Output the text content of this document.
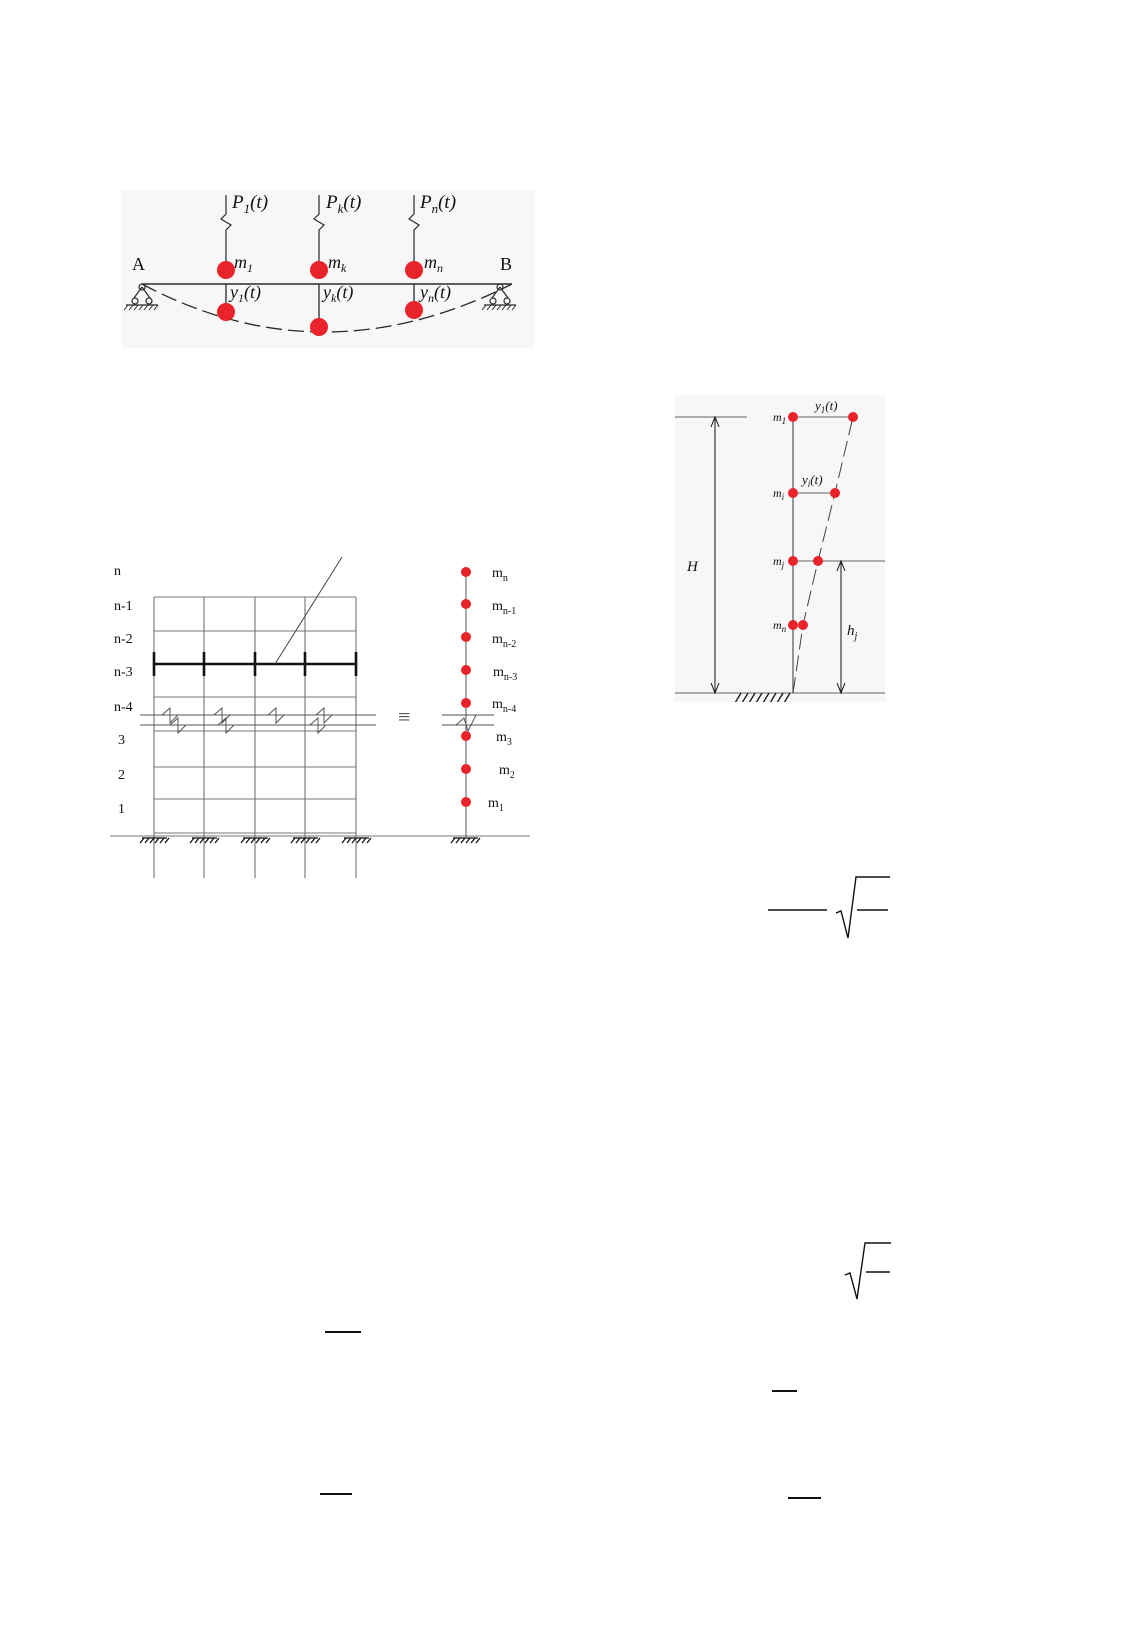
A	B
$P_1(t)$
$m_1$
$y_1(t)$
$P_k(t)$
$m_k$
$y_k(t)$
$P_n(t)$
$m_n$
$y_n(t)$
n
n-1
n-2
n-3
n-4
3
2
1
≡
$m_n$
$m_{n-1}$
$m_{n-2}$
$m_{n-3}$
$m_{n-4}$
$m_3$
$m_2$
$m_1$
H
$h_j$
$m_1$
$m_i$
$m_j$
$m_n$
$y_1(t)$
$y_i(t)$
